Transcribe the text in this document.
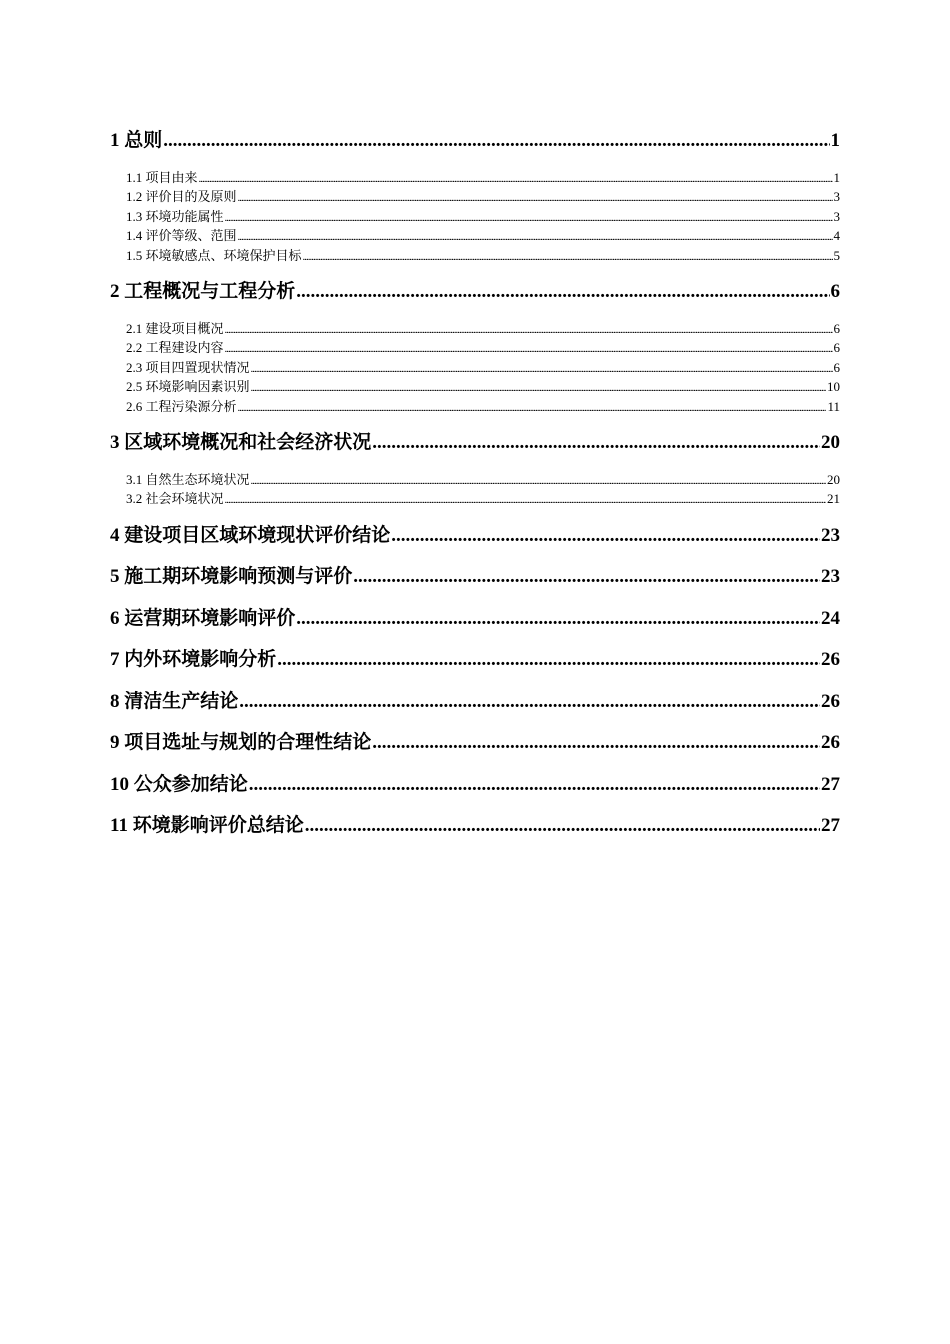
1 总则 .....	1
1.1 项目由来 .....	1
1.2 评价目的及原则 .....	3
1.3 环境功能属性 .....	3
1.4 评价等级、范围 .....	4
1.5 环境敏感点、环境保护目标 .....	5
2 工程概况与工程分析 .....	6
2.1 建设项目概况 .....	6
2.2 工程建设内容 .....	6
2.3 项目四置现状情况 .....	6
2.5 环境影响因素识别 .....	10
2.6 工程污染源分析 .....	11
3 区域环境概况和社会经济状况 .....	20
3.1 自然生态环境状况 .....	20
3.2 社会环境状况 .....	21
4 建设项目区域环境现状评价结论 .....	23
5 施工期环境影响预测与评价 .....	23
6 运营期环境影响评价 .....	24
7 内外环境影响分析 .....	26
8 清洁生产结论 .....	26
9 项目选址与规划的合理性结论 .....	26
10 公众参加结论 .....	27
11 环境影响评价总结论 .....	27
